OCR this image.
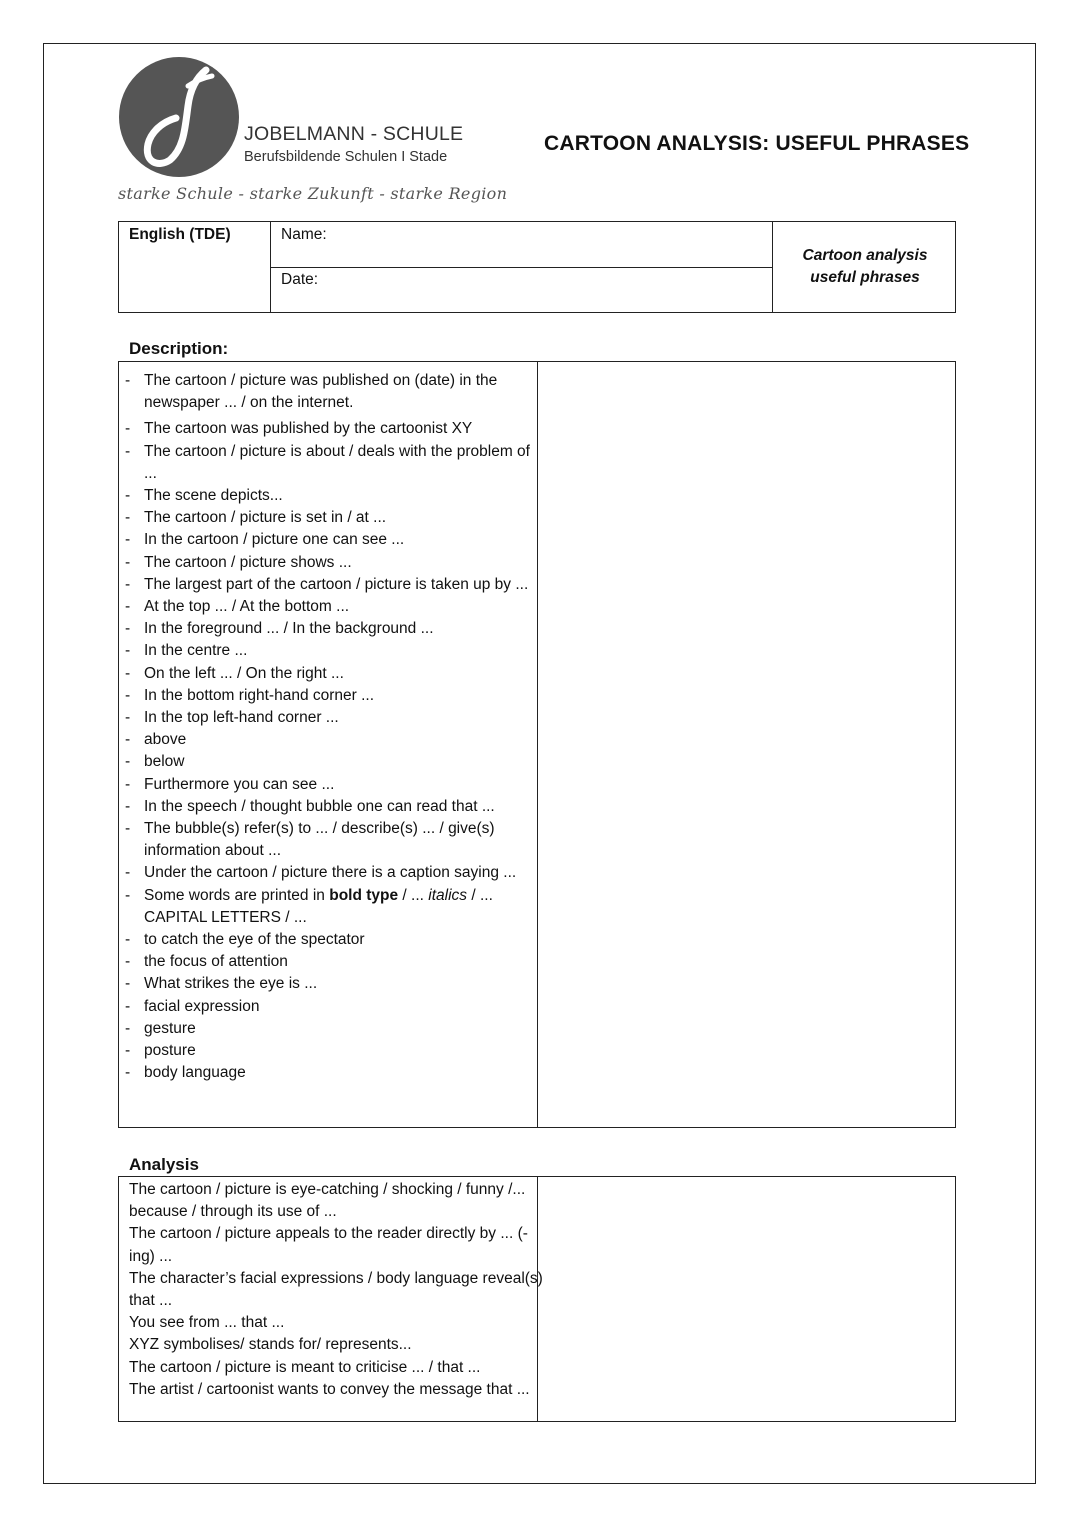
JOBELMANN - SCHULE
Berufsbildende Schulen I Stade
starke Schule - starke Zukunft - starke Region
CARTOON ANALYSIS: USEFUL PHRASES
English (TDE)	Name:
Date:
Cartoon analysis
useful phrases
Description:
- The cartoon / picture was published on (date) in the newspaper ... / on the internet.
- The cartoon was published by the cartoonist XY
- The cartoon / picture is about / deals with the problem of ...
- The scene depicts...
- The cartoon / picture is set in / at ...
- In the cartoon / picture one can see ...
- The cartoon / picture shows ...
- The largest part of the cartoon / picture is taken up by ...
- At the top ... / At the bottom ...
- In the foreground ... / In the background ...
- In the centre ...
- On the left ... / On the right ...
- In the bottom right-hand corner ...
- In the top left-hand corner ...
- above
- below
- Furthermore you can see ...
- In the speech / thought bubble one can read that ...
- The bubble(s) refer(s) to ... / describe(s) ... / give(s) information about ...
- Under the cartoon / picture there is a caption saying ...
- Some words are printed in bold type / ... italics / ... CAPITAL LETTERS / ...
- to catch the eye of the spectator
- the focus of attention
- What strikes the eye is ...
- facial expression
- gesture
- posture
- body language
Analysis

The cartoon / picture is eye-catching / shocking / funny /... because / through its use of ...

The cartoon / picture appeals to the reader directly by ... (-ing) ...

The character’s facial expressions / body language reveal(s) that ...

You see from ... that ...

XYZ symbolises/ stands for/ represents...

The cartoon / picture is meant to criticise ... / that ...

The artist / cartoonist wants to convey the message that ...
